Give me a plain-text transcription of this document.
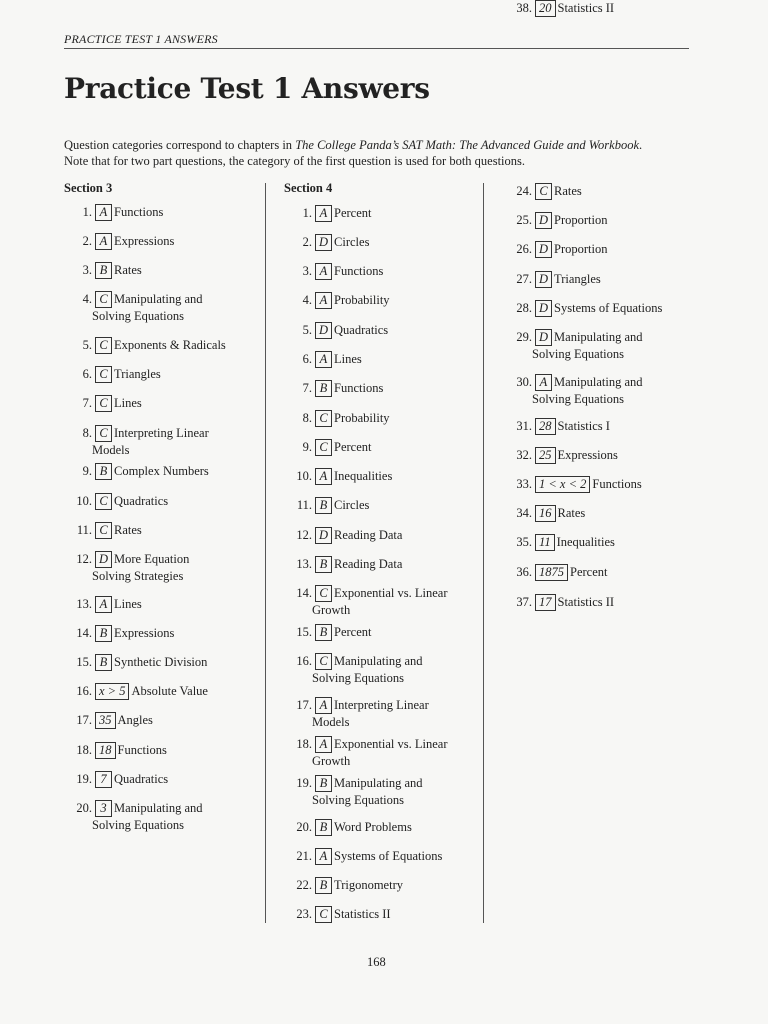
PRACTICE TEST 1 ANSWERS
Practice Test 1 Answers
Question categories correspond to chapters in The College Panda’s SAT Math: The Advanced Guide and Workbook.
Note that for two part questions, the category of the first question is used for both questions.
Section 3	Section 4
1. A Functions
2. A Expressions
3. B Rates
4. C Manipulating and
Solving Equations
5. C Exponents & Radicals
6. C Triangles
7. C Lines
8. C Interpreting Linear
Models
9. B Complex Numbers
10. C Quadratics
11. C Rates
12. D More Equation
Solving Strategies
13. A Lines
14. B Expressions
15. B Synthetic Division
16. x > 5 Absolute Value
17. 35 Angles
18. 18 Functions
19. 7 Quadratics
20. 3 Manipulating and
Solving Equations
1. A Percent
2. D Circles
3. A Functions
4. A Probability
5. D Quadratics
6. A Lines
7. B Functions
8. C Probability
9. C Percent
10. A Inequalities
11. B Circles
12. D Reading Data
13. B Reading Data
14. C Exponential vs. Linear
Growth
15. B Percent
16. C Manipulating and
Solving Equations
17. A Interpreting Linear
Models
18. A Exponential vs. Linear
Growth
19. B Manipulating and
Solving Equations
20. B Word Problems
21. A Systems of Equations
22. B Trigonometry
23. C Statistics II
24. C Rates
25. D Proportion
26. D Proportion
27. D Triangles
28. D Systems of Equations
29. D Manipulating and
Solving Equations
30. A Manipulating and
Solving Equations
31. 28 Statistics I
32. 25 Expressions
33. 1 < x < 2 Functions
34. 16 Rates
35. 11 Inequalities
36. 1875 Percent
37. 17 Statistics II
38. 20 Statistics II
168
